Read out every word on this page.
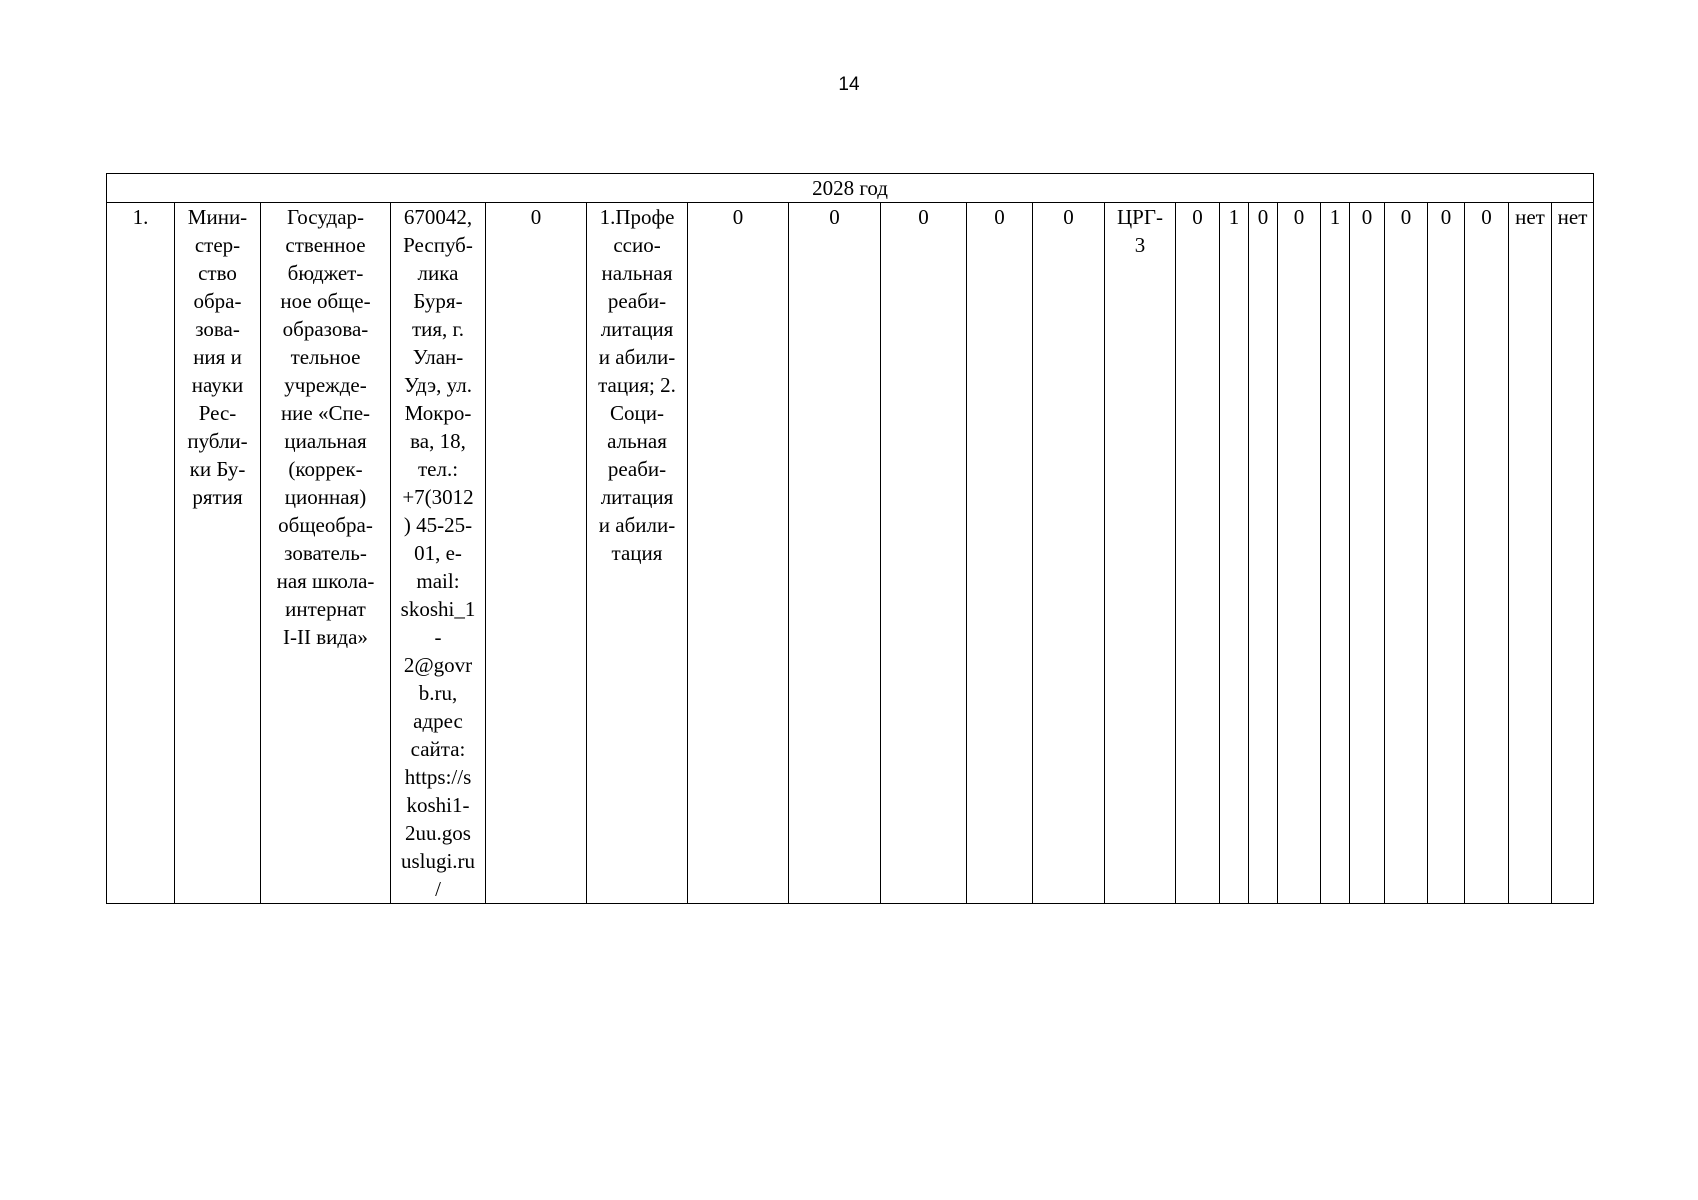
14
2028 год
1.	Мини-
стер-
ство
обра-
зова-
ния и
науки
Рес-
публи-
ки Бу-
рятия	Государ-
ственное
бюджет-
ное обще-
образова-
тельное
учрежде-
ние «Спе-
циальная
(коррек-
ционная)
общеобра-
зователь-
ная школа-
интернат
I-II вида»	670042,
Респуб-
лика
Буря-
тия, г.
Улан-
Удэ, ул.
Мокро-
ва, 18,
тел.:
+7(3012
) 45-25-
01, e-
mail:
skoshi_1
-
2@govr
b.ru,
адрес
сайта:
https://s
koshi1-
2uu.gos
uslugi.ru
/	0	1.Профе
ссио-
нальная
реаби-
литация
и абили-
тация; 2.
Соци-
альная
реаби-
литация
и абили-
тация	0	0	0	0	0	ЦРГ-
3	0	1	0	0	1	0	0	0	0	нет	нет
